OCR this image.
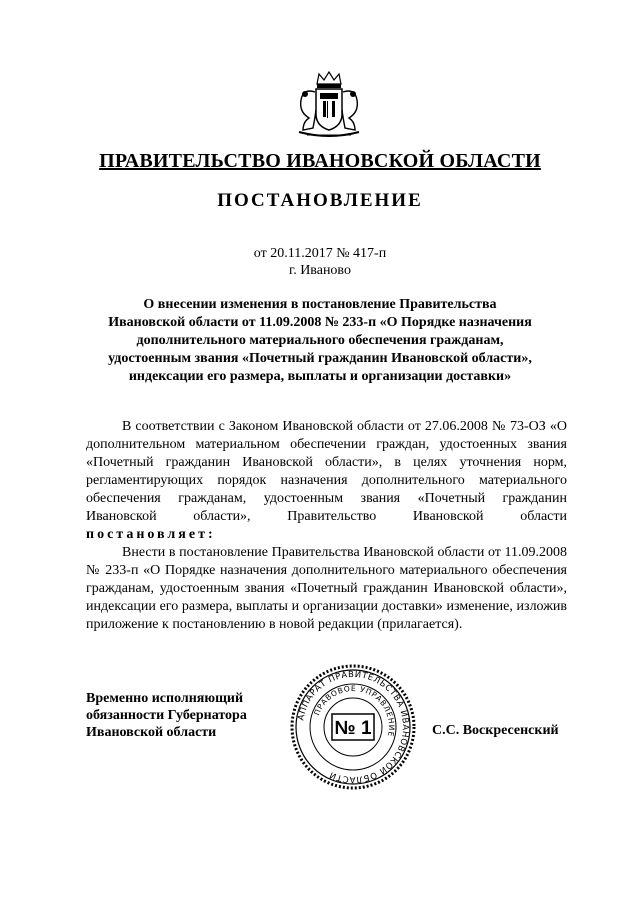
ПРАВИТЕЛЬСТВО ИВАНОВСКОЙ ОБЛАСТИ
ПОСТАНОВЛЕНИЕ
от 20.11.2017 № 417-п
г. Иваново
О внесении изменения в постановление Правительства
Ивановской области от 11.09.2008 № 233-п «О Порядке назначения
дополнительного материального обеспечения гражданам,
удостоенным звания «Почетный гражданин Ивановской области»,
индексации его размера, выплаты и организации доставки»

В соответствии с Законом Ивановской области от 27.06.2008 № 73-ОЗ «О дополнительном материальном обеспечении граждан, удостоенных звания «Почетный гражданин Ивановской области», в целях уточнения норм, регламентирующих порядок назначения дополнительного материального обеспечения гражданам, удостоенным звания «Почетный гражданин Ивановской области», Правительство Ивановской области постановляет:

Внести в постановление Правительства Ивановской области от 11.09.2008 № 233-п «О Порядке назначения дополнительного материального обеспечения гражданам, удостоенным звания «Почетный гражданин Ивановской области», индексации его размера, выплаты и организации доставки» изменение, изложив приложение к постановлению в новой редакции (прилагается).

Временно исполняющий
обязанности Губернатора
Ивановской области
АППАРАТ ПРАВИТЕЛЬСТВА ИВАНОВСКОЙ ОБЛАСТИ
ПРАВОВОЕ УПРАВЛЕНИЕ
№ 1	С.С. Воскресенский
